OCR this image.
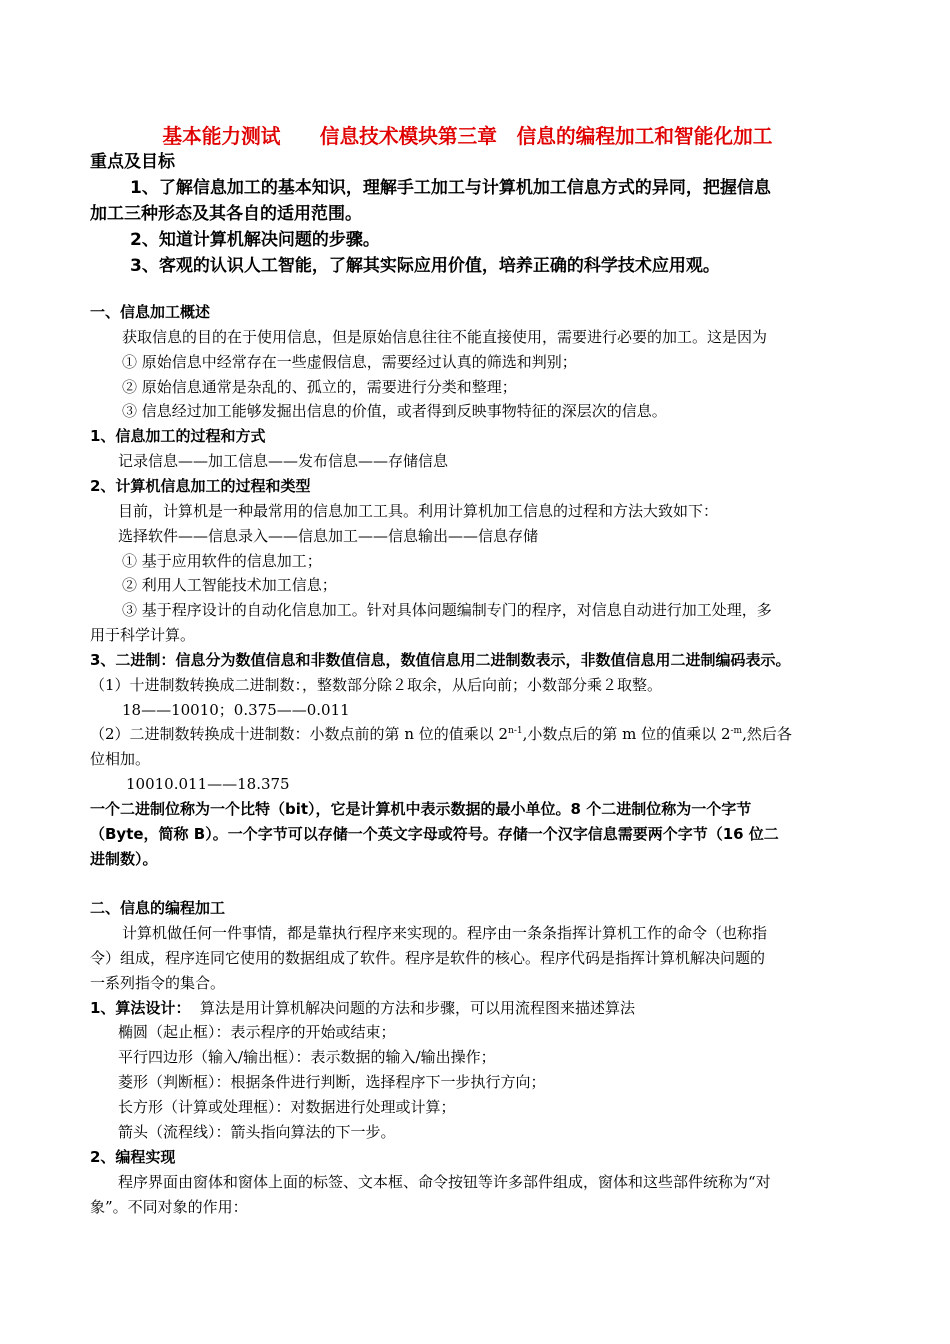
基本能力测试　　信息技术模块第三章　信息的编程加工和智能化加工
重点及目标
1、了解信息加工的基本知识，理解手工加工与计算机加工信息方式的异同，把握信息
加工三种形态及其各自的适用范围。
2、知道计算机解决问题的步骤。
3、客观的认识人工智能，了解其实际应用价值，培养正确的科学技术应用观。
一、信息加工概述
获取信息的目的在于使用信息，但是原始信息往往不能直接使用，需要进行必要的加工。这是因为
① 原始信息中经常存在一些虚假信息，需要经过认真的筛选和判别；
② 原始信息通常是杂乱的、孤立的，需要进行分类和整理；
③ 信息经过加工能够发掘出信息的价值，或者得到反映事物特征的深层次的信息。
1、信息加工的过程和方式
记录信息——加工信息——发布信息——存储信息
2、计算机信息加工的过程和类型
目前，计算机是一种最常用的信息加工工具。利用计算机加工信息的过程和方法大致如下：
选择软件——信息录入——信息加工——信息输出——信息存储
① 基于应用软件的信息加工；
② 利用人工智能技术加工信息；
③ 基于程序设计的自动化信息加工。针对具体问题编制专门的程序，对信息自动进行加工处理，多
用于科学计算。
3、二进制：信息分为数值信息和非数值信息，数值信息用二进制数表示，非数值信息用二进制编码表示。
（1）十进制数转换成二进制数：，整数部分除２取余，从后向前；小数部分乘２取整。
18——10010；0.375——0.011
（2）二进制数转换成十进制数：小数点前的第 n 位的值乘以 2$^{n-1}$,小数点后的第 m 位的值乘以 $2^{-m}$,然后各
位相加。
10010.011——18.375
一个二进制位称为一个比特（bit），它是计算机中表示数据的最小单位。8 个二进制位称为一个字节
（Byte，简称 B）。一个字节可以存储一个英文字母或符号。存储一个汉字信息需要两个字节（16 位二
进制数）。
二、信息的编程加工
计算机做任何一件事情，都是靠执行程序来实现的。程序由一条条指挥计算机工作的命令（也称指
令）组成，程序连同它使用的数据组成了软件。程序是软件的核心。程序代码是指挥计算机解决问题的
一系列指令的集合。
1、算法设计： 算法是用计算机解决问题的方法和步骤，可以用流程图来描述算法
椭圆（起止框）：表示程序的开始或结束；
平行四边形（输入/输出框）：表示数据的输入/输出操作；
菱形（判断框）：根据条件进行判断，选择程序下一步执行方向；
长方形（计算或处理框）：对数据进行处理或计算；
箭头（流程线）：箭头指向算法的下一步。
2、编程实现
程序界面由窗体和窗体上面的标签、文本框、命令按钮等许多部件组成，窗体和这些部件统称为“对
象”。不同对象的作用：
